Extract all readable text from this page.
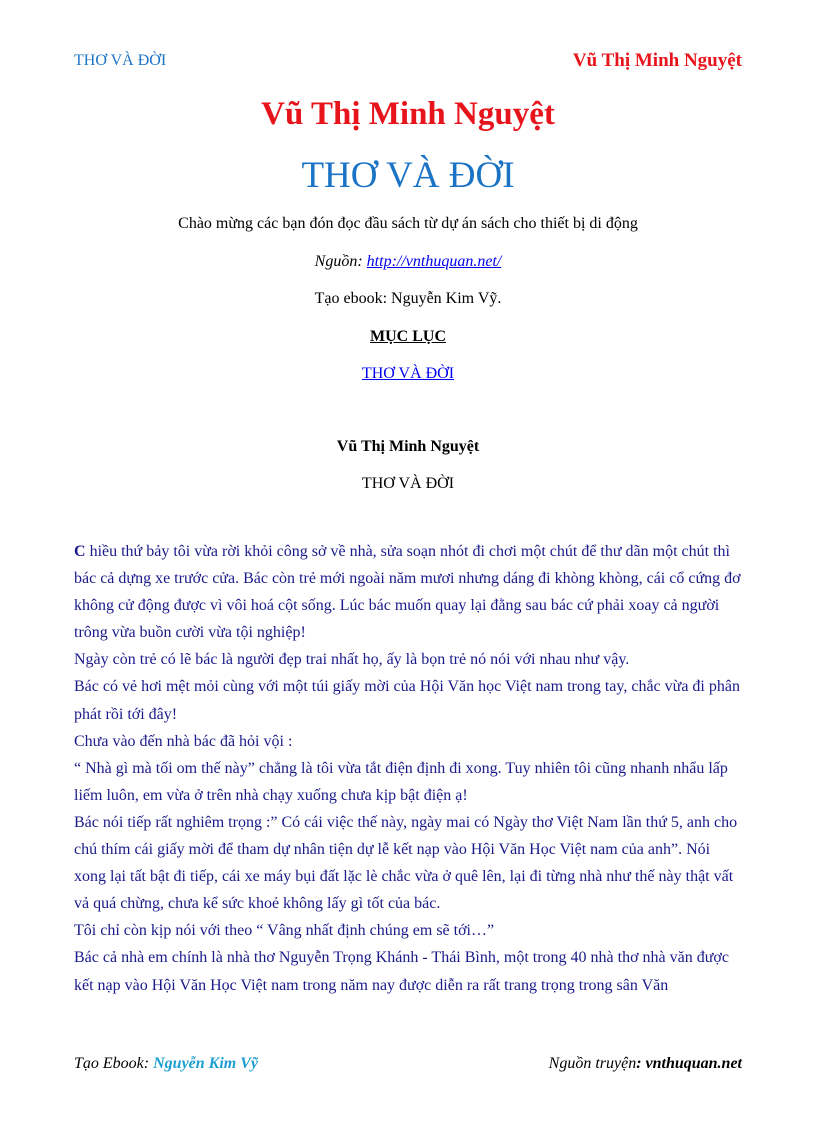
THƠ VÀ ĐỜI	Vũ Thị Minh Nguyệt
Vũ Thị Minh Nguyệt
THƠ VÀ ĐỜI
Chào mừng các bạn đón đọc đầu sách từ dự án sách cho thiết bị di động
Nguồn: http://vnthuquan.net/
Tạo ebook: Nguyễn Kim Vỹ.
MỤC LỤC
THƠ VÀ ĐỜI
Vũ Thị Minh Nguyệt
THƠ VÀ ĐỜI

C hiều thứ bảy tôi vừa rời khỏi công sở về nhà, sửa soạn nhót đi chơi một chút để thư dãn một chút thì bác cả dựng xe trước cửa. Bác còn trẻ mới ngoài năm mươi nhưng dáng đi khòng khòng, cái cổ cứng đơ không cử động được vì vôi hoá cột sống. Lúc bác muốn quay lại đằng sau bác cứ phải xoay cả người trông vừa buồn cười vừa tội nghiệp!

Ngày còn trẻ có lẽ bác là người đẹp trai nhất họ, ấy là bọn trẻ nó nói với nhau như vậy.

Bác có vẻ hơi mệt mỏi cùng với một túi giấy mời của Hội Văn học Việt nam trong tay, chắc vừa đi phân phát rồi tới đây!

Chưa vào đến nhà bác đã hỏi vội :

“ Nhà gì mà tối om thế này” chẳng là tôi vừa tắt điện định đi xong. Tuy nhiên tôi cũng nhanh nhẩu lấp liếm luôn, em vừa ở trên nhà chạy xuống chưa kịp bật điện ạ!

Bác nói tiếp rất nghiêm trọng :” Có cái việc thế này, ngày mai có Ngày thơ Việt Nam lần thứ 5, anh cho chú thím cái giấy mời để tham dự nhân tiện dự lễ kết nạp vào Hội Văn Học Việt nam của anh”. Nói xong lại tất bật đi tiếp, cái xe máy bụi đất lặc lè chắc vừa ở quê lên, lại đi từng nhà như thế này thật vất vả quá chừng, chưa kể sức khoẻ không lấy gì tốt của bác.

Tôi chỉ còn kịp nói với theo “ Vâng nhất định chúng em sẽ tới…”

Bác cả nhà em chính là nhà thơ Nguyễn Trọng Khánh - Thái Bình, một trong 40 nhà thơ nhà văn được kết nạp vào Hội Văn Học Việt nam trong năm nay được diễn ra rất trang trọng trong sân Văn

Tạo Ebook: Nguyễn Kim Vỹ	Nguồn truyện: vnthuquan.net
